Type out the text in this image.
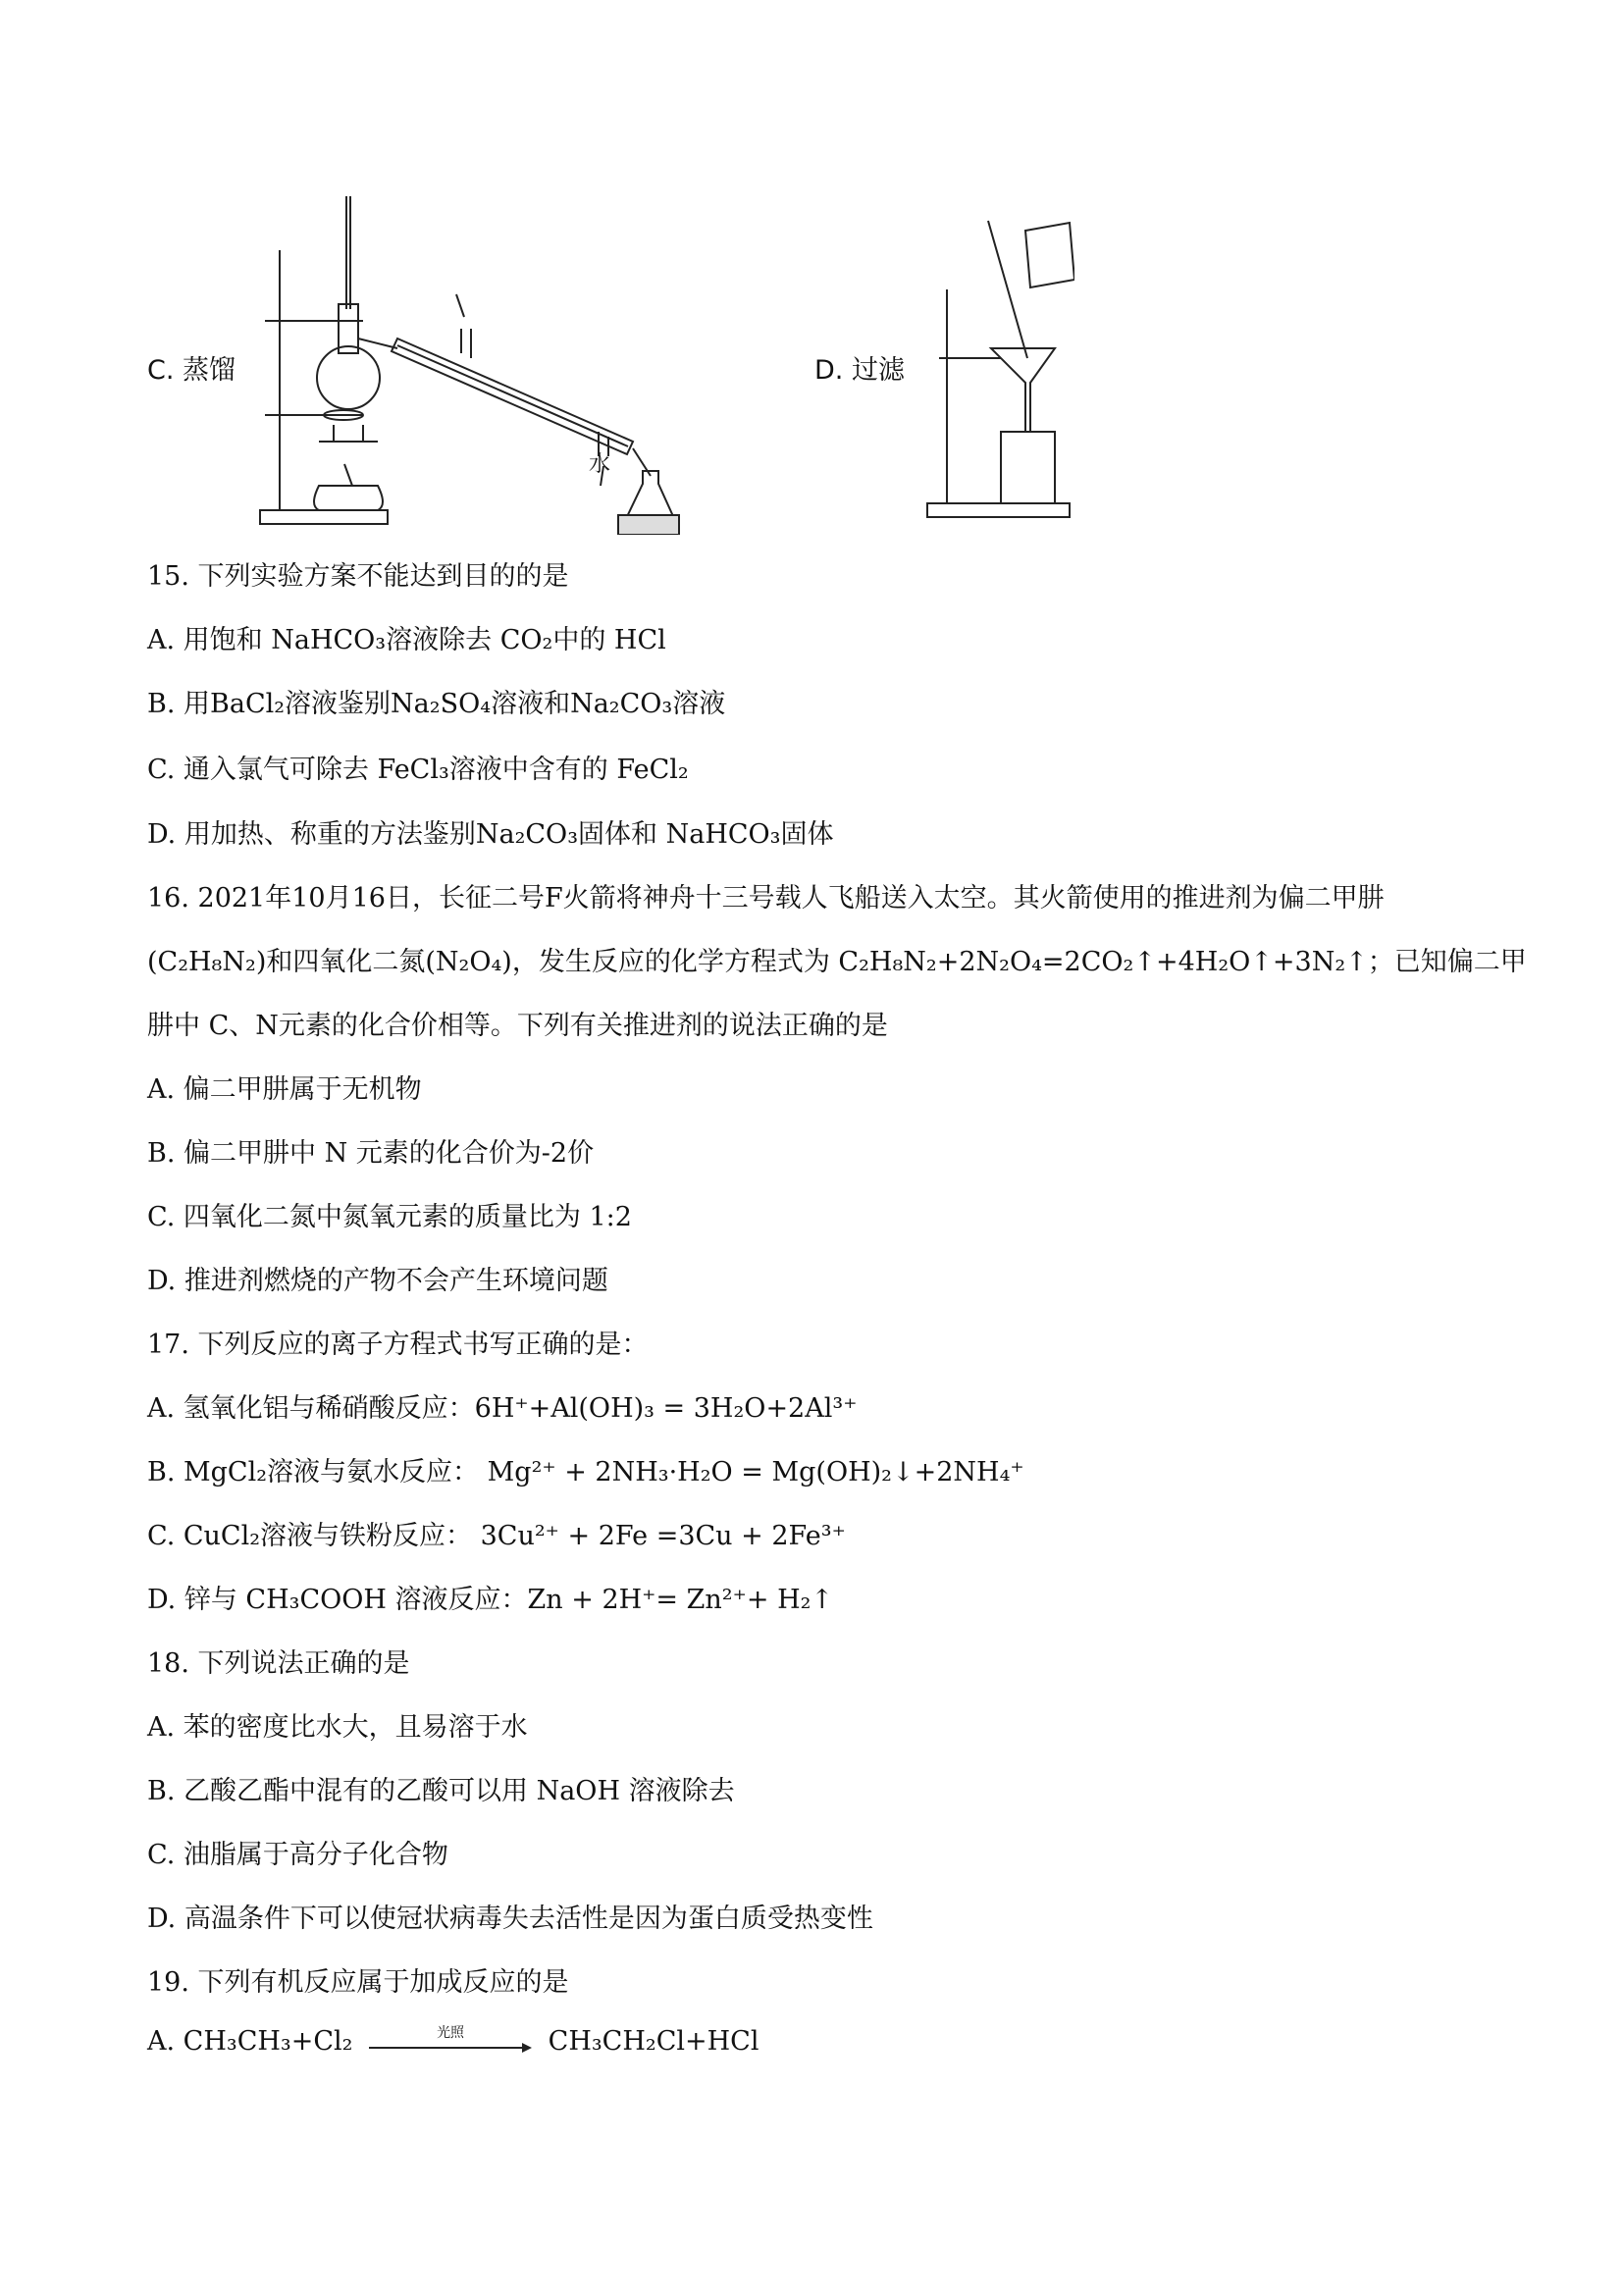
C. 蒸馏
水
D. 过滤
15. 下列实验方案不能达到目的的是
A. 用饱和 NaHCO₃溶液除去 CO₂中的 HCl
B. 用BaCl₂溶液鉴别Na₂SO₄溶液和Na₂CO₃溶液
C. 通入氯气可除去 FeCl₃溶液中含有的 FeCl₂
D. 用加热、称重的方法鉴别Na₂CO₃固体和 NaHCO₃固体
16. 2021年10月16日，长征二号F火箭将神舟十三号载人飞船送入太空。其火箭使用的推进剂为偏二甲肼
(C₂H₈N₂)和四氧化二氮(N₂O₄)，发生反应的化学方程式为 C₂H₈N₂+2N₂O₄=2CO₂↑+4H₂O↑+3N₂↑；已知偏二甲
肼中 C、N元素的化合价相等。下列有关推进剂的说法正确的是
A. 偏二甲肼属于无机物
B. 偏二甲肼中 N 元素的化合价为-2价
C. 四氧化二氮中氮氧元素的质量比为 1:2
D. 推进剂燃烧的产物不会产生环境问题
17. 下列反应的离子方程式书写正确的是：
A. 氢氧化铝与稀硝酸反应：6H⁺+Al(OH)₃ = 3H₂O+2Al³⁺
B. MgCl₂溶液与氨水反应： Mg²⁺ + 2NH₃·H₂O = Mg(OH)₂↓+2NH₄⁺
C. CuCl₂溶液与铁粉反应： 3Cu²⁺ + 2Fe =3Cu + 2Fe³⁺
D. 锌与 CH₃COOH 溶液反应：Zn + 2H⁺= Zn²⁺+ H₂↑
18. 下列说法正确的是
A. 苯的密度比水大，且易溶于水
B. 乙酸乙酯中混有的乙酸可以用 NaOH 溶液除去
C. 油脂属于高分子化合物
D. 高温条件下可以使冠状病毒失去活性是因为蛋白质受热变性
19. 下列有机反应属于加成反应的是
A. CH₃CH₃+Cl₂	光照	CH₃CH₂Cl+HCl
